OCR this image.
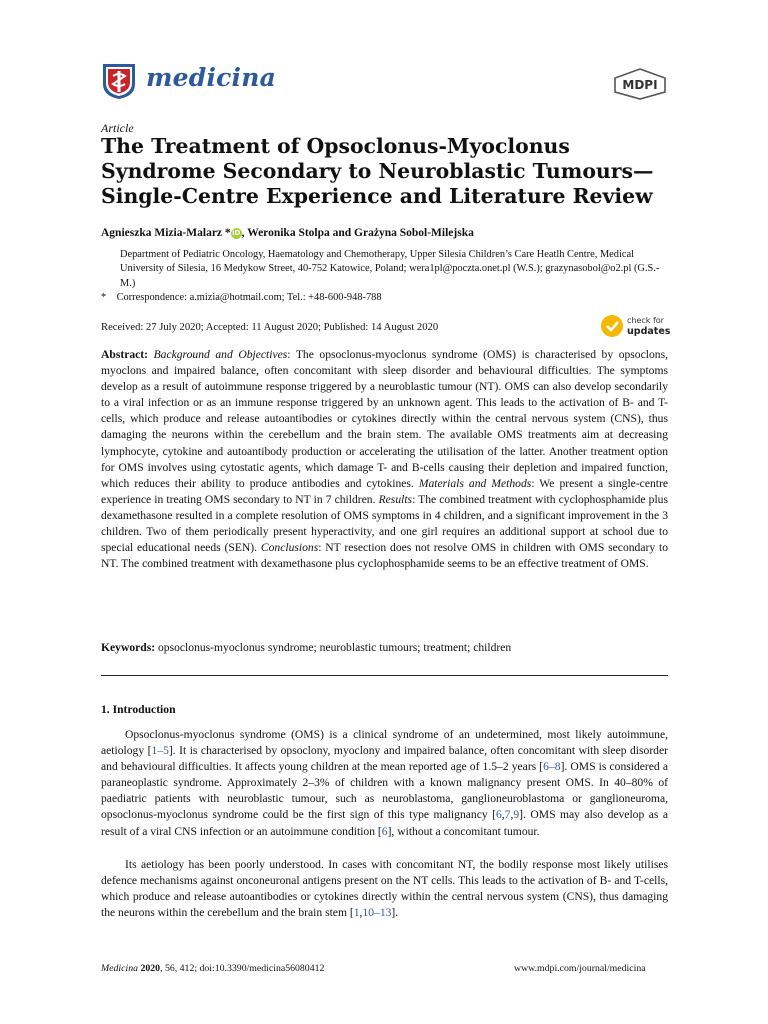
medicina	MDPI
Article
The Treatment of Opsoclonus-Myoclonus Syndrome Secondary to Neuroblastic Tumours—Single-Centre Experience and Literature Review
Agnieszka Mizia-Malarz *iD, Weronika Stolpa and Grażyna Sobol-Milejska
Department of Pediatric Oncology, Haematology and Chemotherapy, Upper Silesia Children’s Care Heatlh Centre, Medical University of Silesia, 16 Medykow Street, 40-752 Katowice, Poland; wera1pl@poczta.onet.pl (W.S.); grazynasobol@o2.pl (G.S.-M.)
* Correspondence: a.mizia@hotmail.com; Tel.: +48-600-948-788
Received: 27 July 2020; Accepted: 11 August 2020; Published: 14 August 2020
check for
updates
Abstract: Background and Objectives: The opsoclonus-myoclonus syndrome (OMS) is characterised by opsoclons, myoclons and impaired balance, often concomitant with sleep disorder and behavioural difficulties. The symptoms develop as a result of autoimmune response triggered by a neuroblastic tumour (NT). OMS can also develop secondarily to a viral infection or as an immune response triggered by an unknown agent. This leads to the activation of B- and T-cells, which produce and release autoantibodies or cytokines directly within the central nervous system (CNS), thus damaging the neurons within the cerebellum and the brain stem. The available OMS treatments aim at decreasing lymphocyte, cytokine and autoantibody production or accelerating the utilisation of the latter. Another treatment option for OMS involves using cytostatic agents, which damage T- and B-cells causing their depletion and impaired function, which reduces their ability to produce antibodies and cytokines. Materials and Methods: We present a single-centre experience in treating OMS secondary to NT in 7 children. Results: The combined treatment with cyclophosphamide plus dexamethasone resulted in a complete resolution of OMS symptoms in 4 children, and a significant improvement in the 3 children. Two of them periodically present hyperactivity, and one girl requires an additional support at school due to special educational needs (SEN). Conclusions: NT resection does not resolve OMS in children with OMS secondary to NT. The combined treatment with dexamethasone plus cyclophosphamide seems to be an effective treatment of OMS.
Keywords: opsoclonus-myoclonus syndrome; neuroblastic tumours; treatment; children
1. Introduction
Opsoclonus-myoclonus syndrome (OMS) is a clinical syndrome of an undetermined, most likely autoimmune, aetiology [1–5]. It is characterised by opsoclony, myoclony and impaired balance, often concomitant with sleep disorder and behavioural difficulties. It affects young children at the mean reported age of 1.5–2 years [6–8]. OMS is considered a paraneoplastic syndrome. Approximately 2–3% of children with a known malignancy present OMS. In 40–80% of paediatric patients with neuroblastic tumour, such as neuroblastoma, ganglioneuroblastoma or ganglioneuroma, opsoclonus-myoclonus syndrome could be the first sign of this type malignancy [6,7,9]. OMS may also develop as a result of a viral CNS infection or an autoimmune condition [6], without a concomitant tumour.
Its aetiology has been poorly understood. In cases with concomitant NT, the bodily response most likely utilises defence mechanisms against onconeuronal antigens present on the NT cells. This leads to the activation of B- and T-cells, which produce and release autoantibodies or cytokines directly within the central nervous system (CNS), thus damaging the neurons within the cerebellum and the brain stem [1,10–13].
Medicina 2020, 56, 412; doi:10.3390/medicina56080412	www.mdpi.com/journal/medicina
